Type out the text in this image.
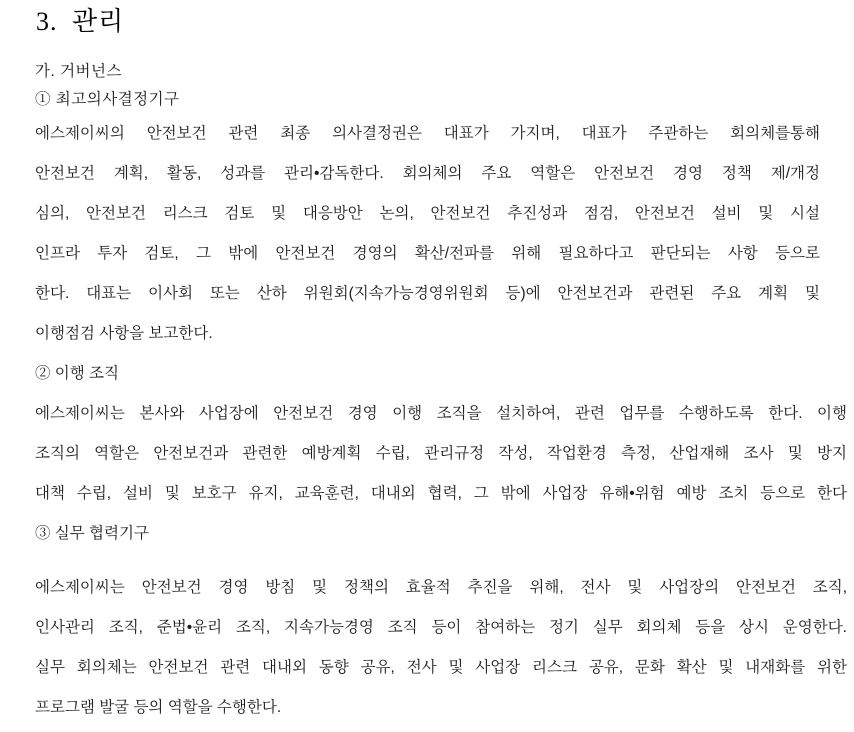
3. 관리
가. 거버넌스
① 최고의사결정기구
에스제이씨의 안전보건 관련 최종 의사결정권은 대표가 가지며, 대표가 주관하는 회의체를통해
안전보건 계획, 활동, 성과를 관리•감독한다. 회의체의 주요 역할은 안전보건 경영 정책 제/개정
심의, 안전보건 리스크 검토 및 대응방안 논의, 안전보건 추진성과 점검, 안전보건 설비 및 시설
인프라 투자 검토, 그 밖에 안전보건 경영의 확산/전파를 위해 필요하다고 판단되는 사항 등으로
한다. 대표는 이사회 또는 산하 위원회(지속가능경영위원회 등)에 안전보건과 관련된 주요 계획 및
이행점검 사항을 보고한다.
② 이행 조직
에스제이씨는 본사와 사업장에 안전보건 경영 이행 조직을 설치하여, 관련 업무를 수행하도록 한다. 이행
조직의 역할은 안전보건과 관련한 예방계획 수립, 관리규정 작성, 작업환경 측정, 산업재해 조사 및 방지
대책 수립, 설비 및 보호구 유지, 교육훈련, 대내외 협력, 그 밖에 사업장 유해•위험 예방 조치 등으로 한다
③ 실무 협력기구
에스제이씨는 안전보건 경영 방침 및 정책의 효율적 추진을 위해, 전사 및 사업장의 안전보건 조직,
인사관리 조직, 준법•윤리 조직, 지속가능경영 조직 등이 참여하는 정기 실무 회의체 등을 상시 운영한다.
실무 회의체는 안전보건 관련 대내외 동향 공유, 전사 및 사업장 리스크 공유, 문화 확산 및 내재화를 위한
프로그램 발굴 등의 역할을 수행한다.
